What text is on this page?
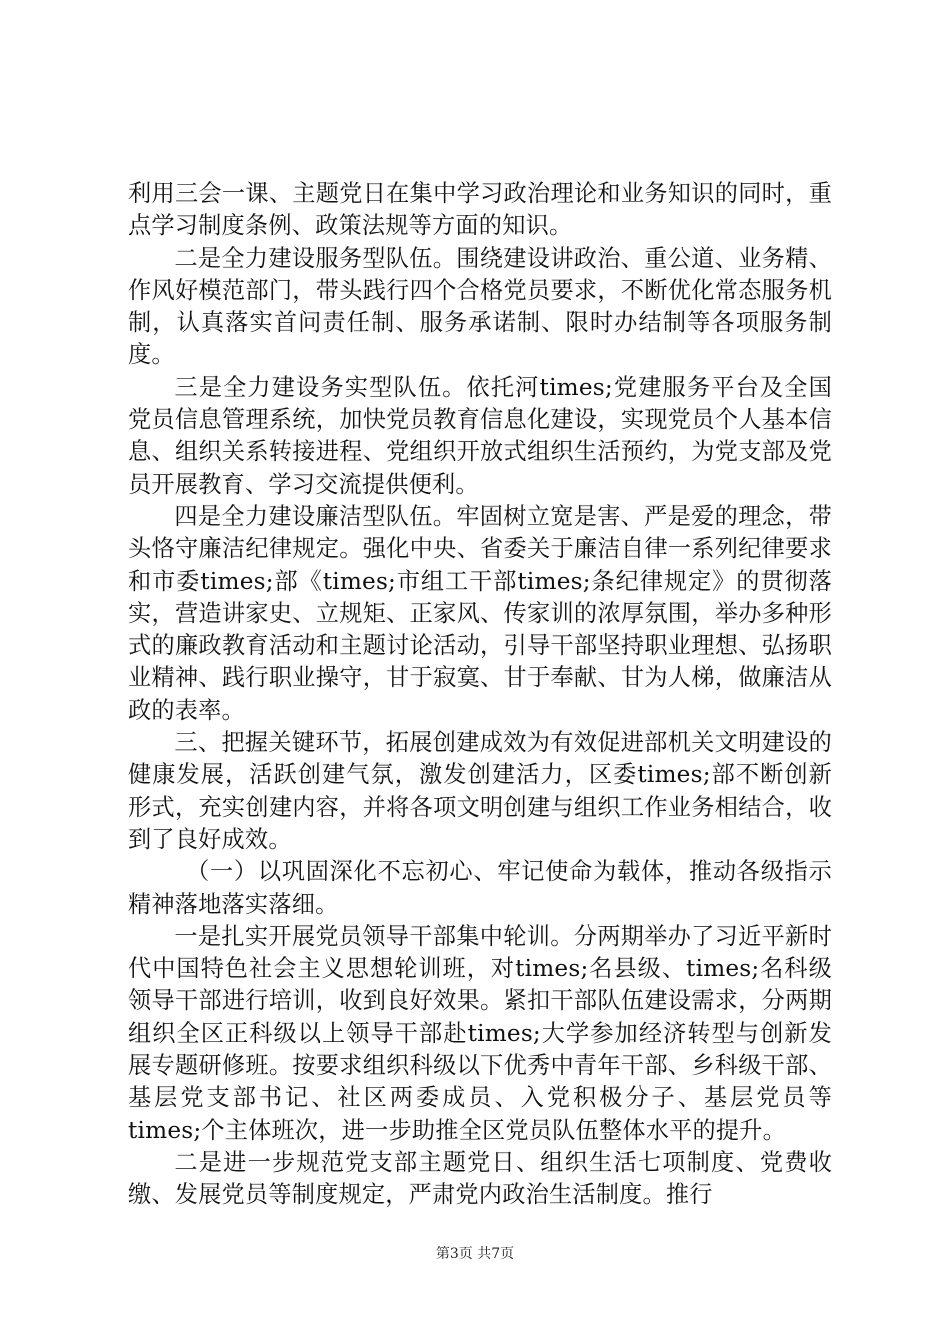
利用三会一课、主题党日在集中学习政治理论和业务知识的同时，重点学习制度条例、政策法规等方面的知识。

二是全力建设服务型队伍。围绕建设讲政治、重公道、业务精、作风好模范部门，带头践行四个合格党员要求，不断优化常态服务机制，认真落实首问责任制、服务承诺制、限时办结制等各项服务制度。

三是全力建设务实型队伍。依托河times;党建服务平台及全国党员信息管理系统，加快党员教育信息化建设，实现党员个人基本信息、组织关系转接进程、党组织开放式组织生活预约，为党支部及党员开展教育、学习交流提供便利。

四是全力建设廉洁型队伍。牢固树立宽是害、严是爱的理念，带头恪守廉洁纪律规定。强化中央、省委关于廉洁自律一系列纪律要求和市委times;部《times;市组工干部times;条纪律规定》的贯彻落实，营造讲家史、立规矩、正家风、传家训的浓厚氛围，举办多种形式的廉政教育活动和主题讨论活动，引导干部坚持职业理想、弘扬职业精神、践行职业操守，甘于寂寞、甘于奉献、甘为人梯，做廉洁从政的表率。

三、把握关键环节，拓展创建成效为有效促进部机关文明建设的健康发展，活跃创建气氛，激发创建活力，区委times;部不断创新形式，充实创建内容，并将各项文明创建与组织工作业务相结合，收到了良好成效。

（一）以巩固深化不忘初心、牢记使命为载体，推动各级指示精神落地落实落细。

一是扎实开展党员领导干部集中轮训。分两期举办了习近平新时代中国特色社会主义思想轮训班，对times;名县级、times;名科级领导干部进行培训，收到良好效果。紧扣干部队伍建设需求，分两期组织全区正科级以上领导干部赴times;大学参加经济转型与创新发展专题研修班。按要求组织科级以下优秀中青年干部、乡科级干部、基层党支部书记、社区两委成员、入党积极分子、基层党员等times;个主体班次，进一步助推全区党员队伍整体水平的提升。

二是进一步规范党支部主题党日、组织生活七项制度、党费收缴、发展党员等制度规定，严肃党内政治生活制度。推行

第3页 共7页
